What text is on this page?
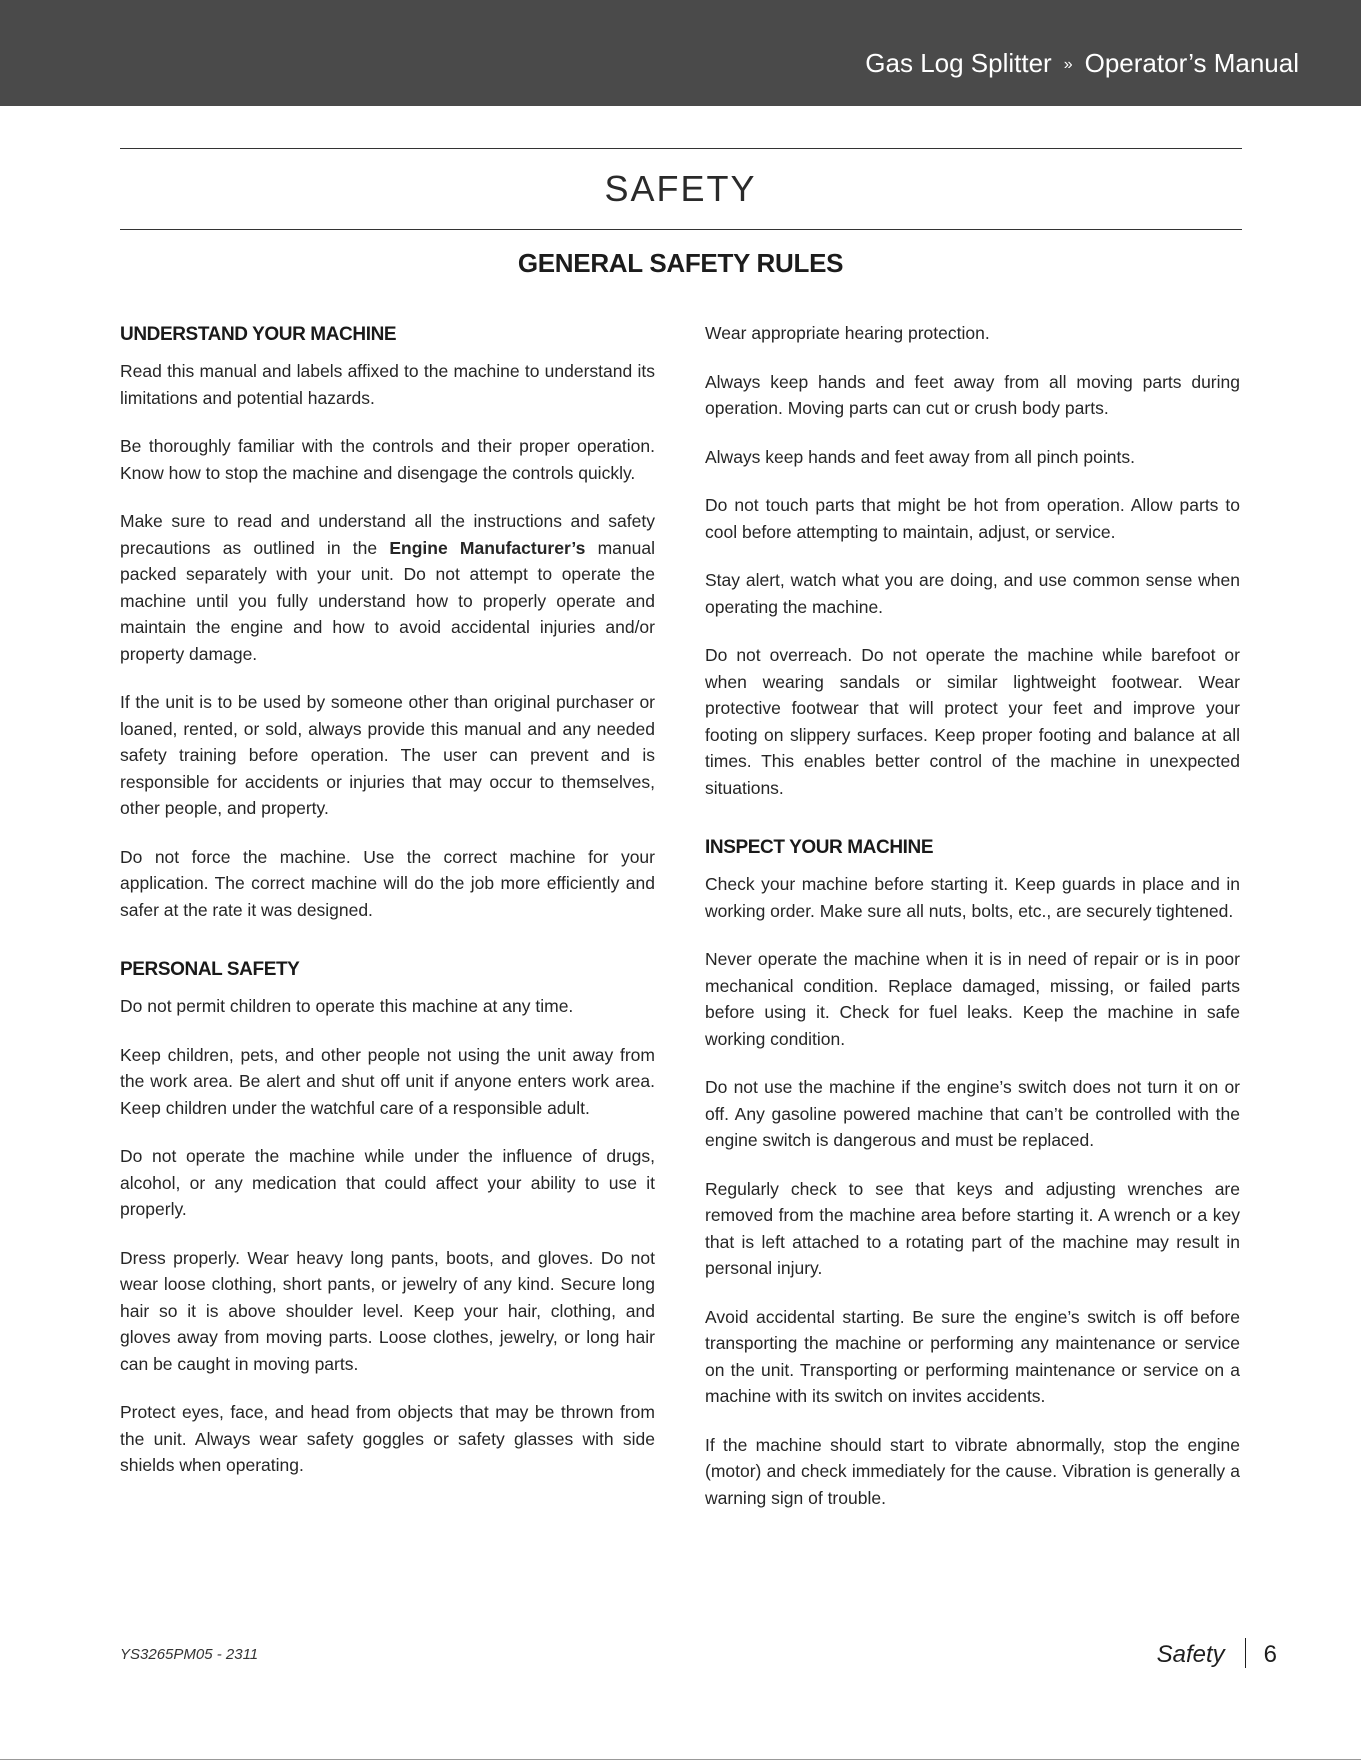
Gas Log Splitter » Operator’s Manual
SAFETY
GENERAL SAFETY RULES
UNDERSTAND YOUR MACHINE

Read this manual and labels affixed to the machine to understand its limitations and potential hazards.

Be thoroughly familiar with the controls and their proper operation. Know how to stop the machine and disengage the controls quickly.

Make sure to read and understand all the instructions and safety precautions as outlined in the Engine Manufacturer’s manual packed separately with your unit. Do not attempt to operate the machine until you fully understand how to properly operate and maintain the engine and how to avoid accidental injuries and/or property damage.

If the unit is to be used by someone other than original purchaser or loaned, rented, or sold, always provide this manual and any needed safety training before operation. The user can prevent and is responsible for accidents or injuries that may occur to themselves, other people, and property.

Do not force the machine. Use the correct machine for your application. The correct machine will do the job more efficiently and safer at the rate it was designed.

PERSONAL SAFETY

Do not permit children to operate this machine at any time.

Keep children, pets, and other people not using the unit away from the work area. Be alert and shut off unit if anyone enters work area. Keep children under the watchful care of a responsible adult.

Do not operate the machine while under the influence of drugs, alcohol, or any medication that could affect your ability to use it properly.

Dress properly. Wear heavy long pants, boots, and gloves. Do not wear loose clothing, short pants, or jewelry of any kind. Secure long hair so it is above shoulder level. Keep your hair, clothing, and gloves away from moving parts. Loose clothes, jewelry, or long hair can be caught in moving parts.

Protect eyes, face, and head from objects that may be thrown from the unit. Always wear safety goggles or safety glasses with side shields when operating.

Wear appropriate hearing protection.

Always keep hands and feet away from all moving parts during operation. Moving parts can cut or crush body parts.

Always keep hands and feet away from all pinch points.

Do not touch parts that might be hot from operation. Allow parts to cool before attempting to maintain, adjust, or service.

Stay alert, watch what you are doing, and use common sense when operating the machine.

Do not overreach. Do not operate the machine while barefoot or when wearing sandals or similar lightweight footwear. Wear protective footwear that will protect your feet and improve your footing on slippery surfaces. Keep proper footing and balance at all times. This enables better control of the machine in unexpected situations.

INSPECT YOUR MACHINE

Check your machine before starting it. Keep guards in place and in working order. Make sure all nuts, bolts, etc., are securely tightened.

Never operate the machine when it is in need of repair or is in poor mechanical condition. Replace damaged, missing, or failed parts before using it. Check for fuel leaks. Keep the machine in safe working condition.

Do not use the machine if the engine’s switch does not turn it on or off. Any gasoline powered machine that can’t be controlled with the engine switch is dangerous and must be replaced.

Regularly check to see that keys and adjusting wrenches are removed from the machine area before starting it. A wrench or a key that is left attached to a rotating part of the machine may result in personal injury.

Avoid accidental starting. Be sure the engine’s switch is off before transporting the machine or performing any maintenance or service on the unit. Transporting or performing maintenance or service on a machine with its switch on invites accidents.

If the machine should start to vibrate abnormally, stop the engine (motor) and check immediately for the cause. Vibration is generally a warning sign of trouble.

YS3265PM05 - 2311	Safety 6
